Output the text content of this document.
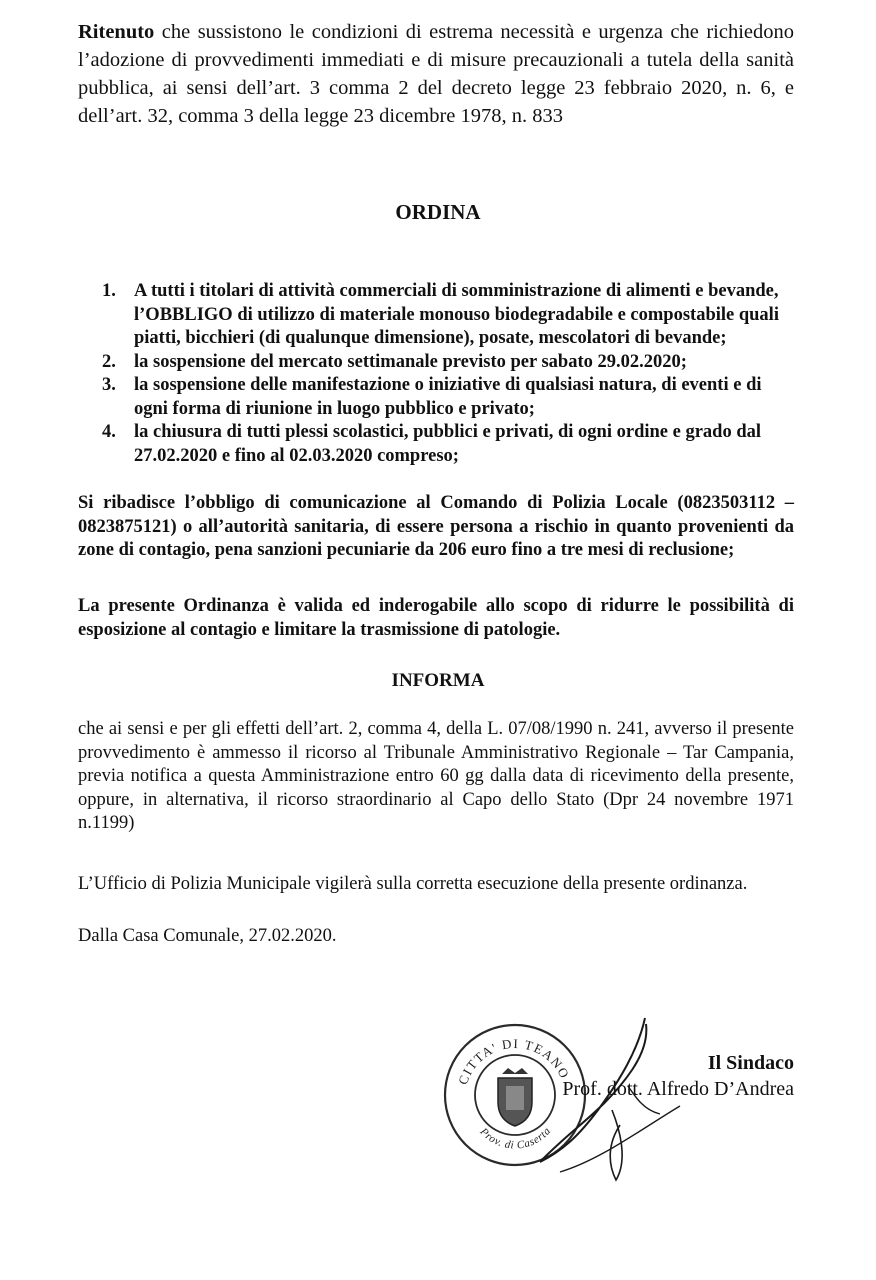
Ritenuto che sussistono le condizioni di estrema necessità e urgenza che richiedono l’adozione di provvedimenti immediati e di misure precauzionali a tutela della sanità pubblica, ai sensi dell’art. 3 comma 2 del decreto legge 23 febbraio 2020, n. 6, e dell’art. 32, comma 3 della legge 23 dicembre 1978, n. 833

ORDINA
1. A tutti i titolari di attività commerciali di somministrazione di alimenti e bevande, l’OBBLIGO di utilizzo di materiale monouso biodegradabile e compostabile quali piatti, bicchieri (di qualunque dimensione), posate, mescolatori di bevande;
2. la sospensione del mercato settimanale previsto per sabato 29.02.2020;
3. la sospensione delle manifestazione o iniziative di qualsiasi natura, di eventi e di ogni forma di riunione in luogo pubblico e privato;
4. la chiusura di tutti plessi scolastici, pubblici e privati, di ogni ordine e grado dal 27.02.2020 e fino al 02.03.2020 compreso;

Si ribadisce l’obbligo di comunicazione al Comando di Polizia Locale (0823503112 – 0823875121) o all’autorità sanitaria, di essere persona a rischio in quanto provenienti da zone di contagio, pena sanzioni pecuniarie da 206 euro fino a tre mesi di reclusione;

La presente Ordinanza è valida ed inderogabile allo scopo di ridurre le possibilità di esposizione al contagio e limitare la trasmissione di patologie.

INFORMA

che ai sensi e per gli effetti dell’art. 2, comma 4, della L. 07/08/1990 n. 241, avverso il presente provvedimento è ammesso il ricorso al Tribunale Amministrativo Regionale – Tar Campania, previa notifica a questa Amministrazione entro 60 gg dalla data di ricevimento della presente, oppure, in alternativa, il ricorso straordinario al Capo dello Stato (Dpr 24 novembre 1971 n.1199)

L’Ufficio di Polizia Municipale vigilerà sulla corretta esecuzione della presente ordinanza.

Dalla Casa Comunale, 27.02.2020.

CITTA' DI TEANO
Prov. di Caserta
Il Sindaco
Prof. dott. Alfredo D’Andrea
